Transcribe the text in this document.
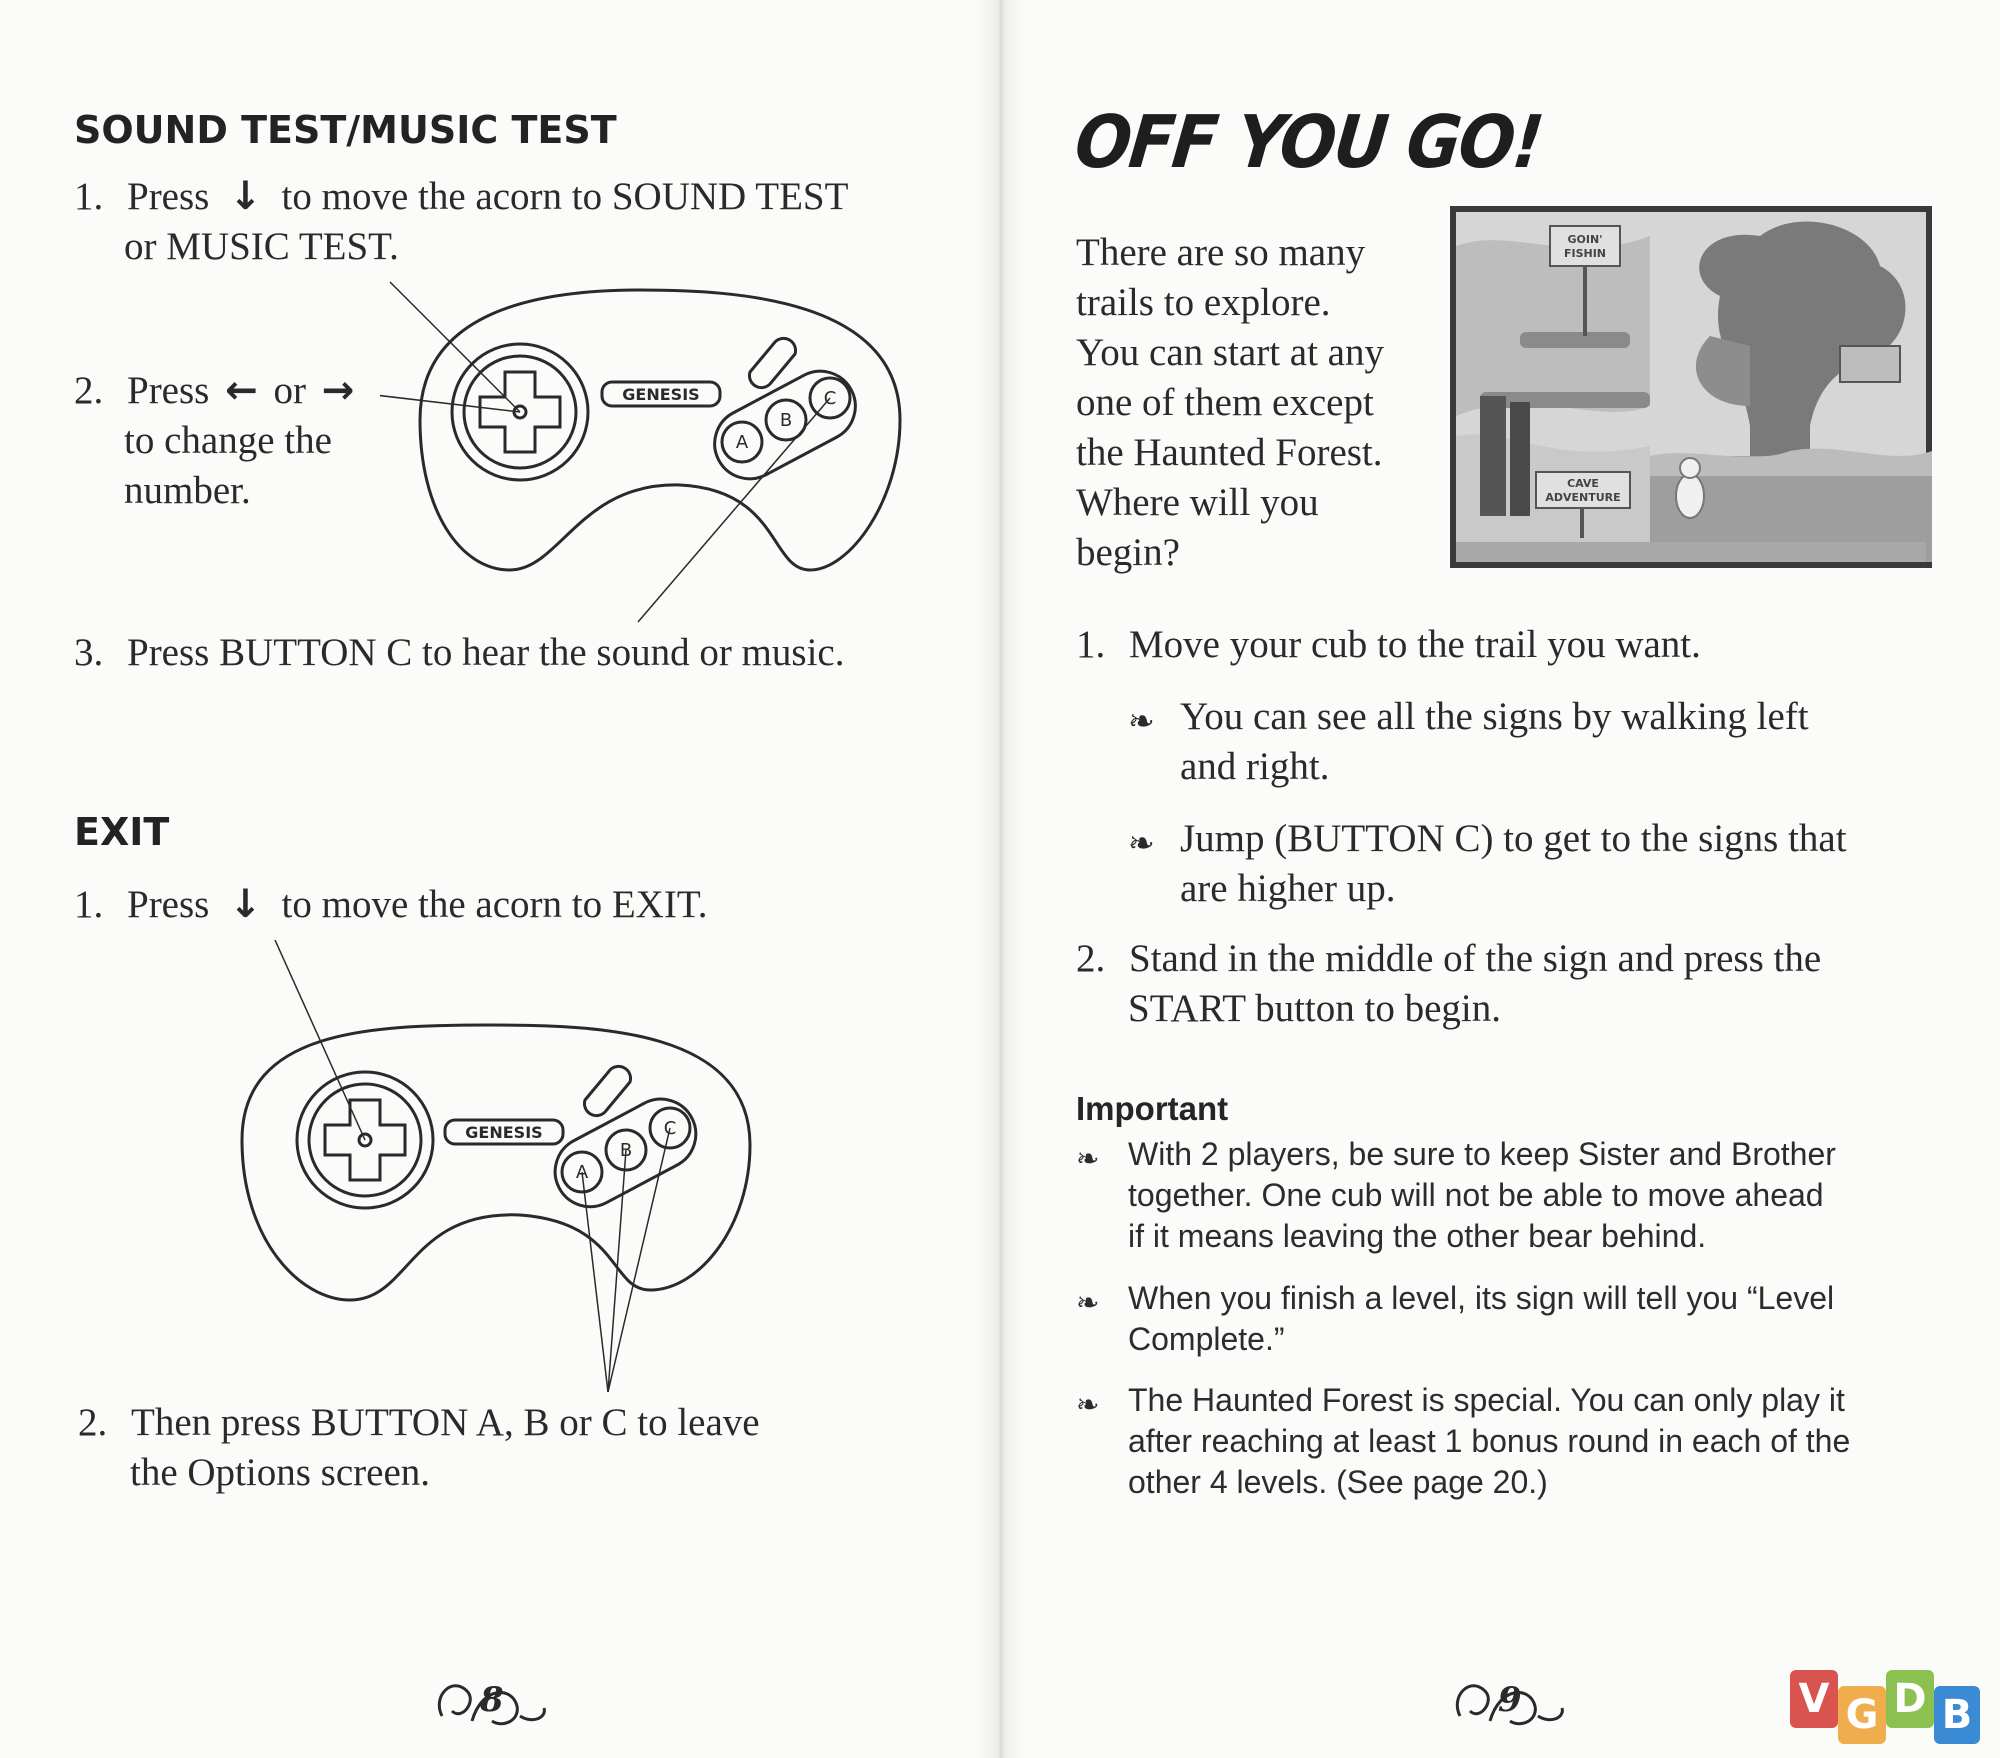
SOUND TEST/MUSIC TEST
1. Press ↓ to move the acorn to SOUND TEST
or MUSIC TEST.
2. Press ← or →
to change the
number.
GENESIS
A
B
C
3. Press BUTTON C to hear the sound or music.
EXIT
1. Press ↓ to move the acorn to EXIT.
GENESIS
A
B
C
2. Then press BUTTON A, B or C to leave
the Options screen.
8
OFF YOU GO!
There are so many
trails to explore.
You can start at any
one of them except
the Haunted Forest.
Where will you
begin?
GOIN'
FISHIN
CAVE
ADVENTURE
1. Move your cub to the trail you want.
❧ You can see all the signs by walking left
and right.
❧ Jump (BUTTON C) to get to the signs that
are higher up.
2. Stand in the middle of the sign and press the
START button to begin.
Important
❧ With 2 players, be sure to keep Sister and Brother
together. One cub will not be able to move ahead
if it means leaving the other bear behind.
❧ When you finish a level, its sign will tell you “Level
Complete.”
❧ The Haunted Forest is special. You can only play it
after reaching at least 1 bonus round in each of the
other 4 levels. (See page 20.)
9	V G D B
